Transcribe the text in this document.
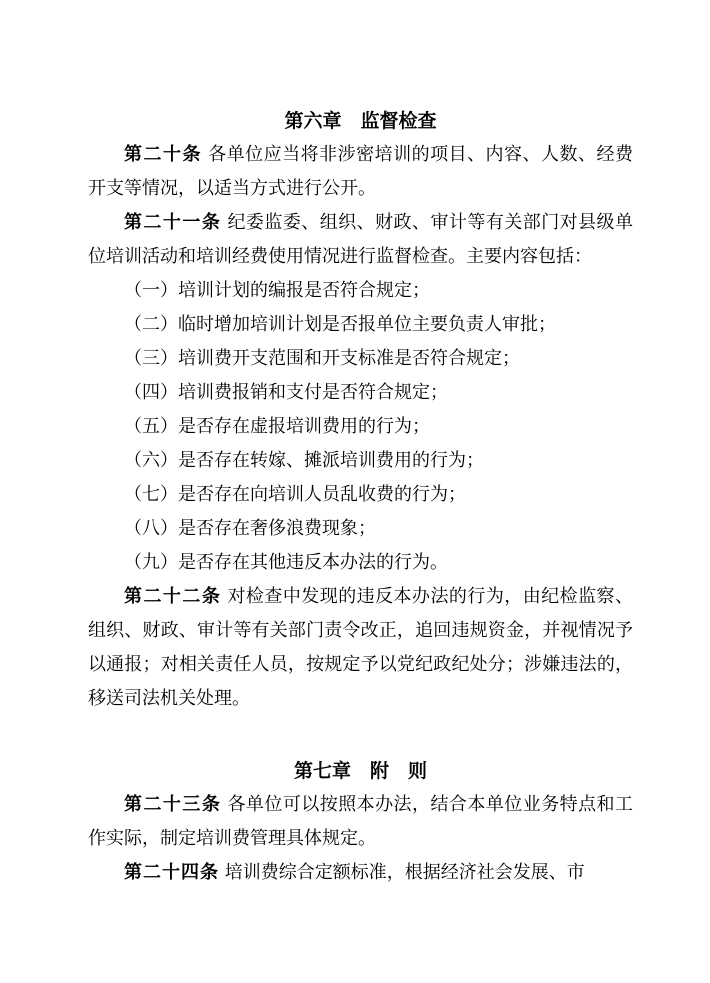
第六章　监督检查

第二十条 各单位应当将非涉密培训的项目、内容、人数、经费开支等情况，以适当方式进行公开。

第二十一条 纪委监委、组织、财政、审计等有关部门对县级单位培训活动和培训经费使用情况进行监督检查。主要内容包括：

（一）培训计划的编报是否符合规定；

（二）临时增加培训计划是否报单位主要负责人审批；

（三）培训费开支范围和开支标准是否符合规定；

（四）培训费报销和支付是否符合规定；

（五）是否存在虚报培训费用的行为；

（六）是否存在转嫁、摊派培训费用的行为；

（七）是否存在向培训人员乱收费的行为；

（八）是否存在奢侈浪费现象；

（九）是否存在其他违反本办法的行为。

第二十二条 对检查中发现的违反本办法的行为，由纪检监察、组织、财政、审计等有关部门责令改正，追回违规资金，并视情况予以通报；对相关责任人员，按规定予以党纪政纪处分；涉嫌违法的，移送司法机关处理。

第七章　附　则

第二十三条 各单位可以按照本办法，结合本单位业务特点和工作实际，制定培训费管理具体规定。

第二十四条 培训费综合定额标准，根据经济社会发展、市
